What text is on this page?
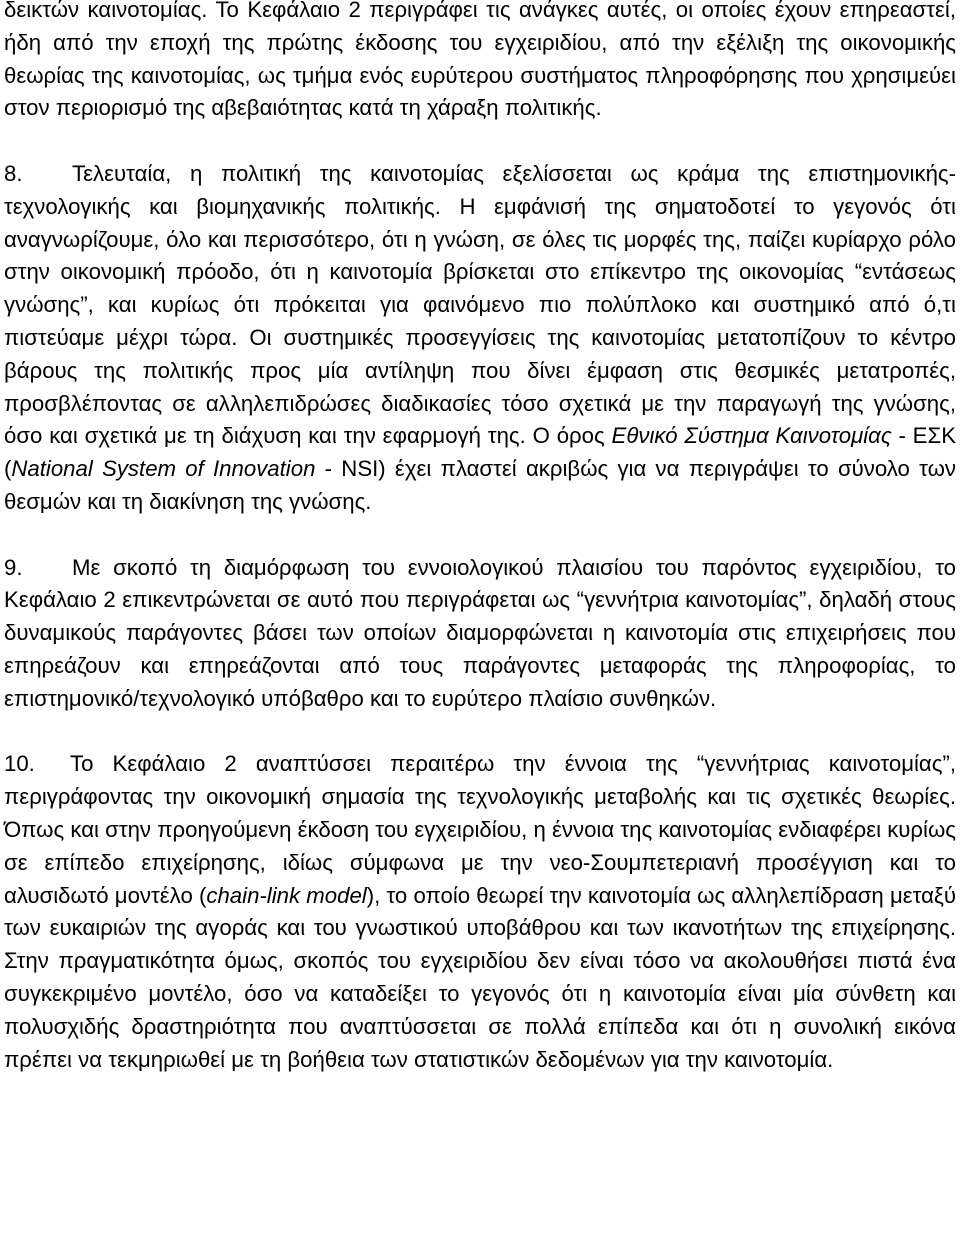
δεικτών καινοτομίας. Το Κεφάλαιο 2 περιγράφει τις ανάγκες αυτές, οι οποίες έχουν επηρεαστεί, ήδη από την εποχή της πρώτης έκδοσης του εγχειριδίου, από την εξέλιξη της οικονομικής θεωρίας της καινοτομίας, ως τμήμα ενός ευρύτερου συστήματος πληροφόρησης που χρησιμεύει στον περιορισμό της αβεβαιότητας κατά τη χάραξη πολιτικής.

8. Τελευταία, η πολιτική της καινοτομίας εξελίσσεται ως κράμα της επιστημονικής-τεχνολογικής και βιομηχανικής πολιτικής. Η εμφάνισή της σηματοδοτεί το γεγονός ότι αναγνωρίζουμε, όλο και περισσότερο, ότι η γνώση, σε όλες τις μορφές της, παίζει κυρίαρχο ρόλο στην οικονομική πρόοδο, ότι η καινοτομία βρίσκεται στο επίκεντρο της οικονομίας “εντάσεως γνώσης”, και κυρίως ότι πρόκειται για φαινόμενο πιο πολύπλοκο και συστημικό από ό,τι πιστεύαμε μέχρι τώρα. Οι συστημικές προσεγγίσεις της καινοτομίας μετατοπίζουν το κέντρο βάρους της πολιτικής προς μία αντίληψη που δίνει έμφαση στις θεσμικές μετατροπές, προσβλέποντας σε αλληλεπιδρώσες διαδικασίες τόσο σχετικά με την παραγωγή της γνώσης, όσο και σχετικά με τη διάχυση και την εφαρμογή της. Ο όρος Εθνικό Σύστημα Καινοτομίας - ΕΣΚ (National System of Innovation - NSI) έχει πλαστεί ακριβώς για να περιγράψει το σύνολο των θεσμών και τη διακίνηση της γνώσης.

9. Με σκοπό τη διαμόρφωση του εννοιολογικού πλαισίου του παρόντος εγχειριδίου, το Κεφάλαιο 2 επικεντρώνεται σε αυτό που περιγράφεται ως “γεννήτρια καινοτομίας”, δηλαδή στους δυναμικούς παράγοντες βάσει των οποίων διαμορφώνεται η καινοτομία στις επιχειρήσεις που επηρεάζουν και επηρεάζονται από τους παράγοντες μεταφοράς της πληροφορίας, το επιστημονικό/τεχνολογικό υπόβαθρο και το ευρύτερο πλαίσιο συνθηκών.

10. Το Κεφάλαιο 2 αναπτύσσει περαιτέρω την έννοια της “γεννήτριας καινοτομίας”, περιγράφοντας την οικονομική σημασία της τεχνολογικής μεταβολής και τις σχετικές θεωρίες. Όπως και στην προηγούμενη έκδοση του εγχειριδίου, η έννοια της καινοτομίας ενδιαφέρει κυρίως σε επίπεδο επιχείρησης, ιδίως σύμφωνα με την νεο-Σουμπετεριανή προσέγγιση και το αλυσιδωτό μοντέλο (chain-link model), το οποίο θεωρεί την καινοτομία ως αλληλεπίδραση μεταξύ των ευκαιριών της αγοράς και του γνωστικού υποβάθρου και των ικανοτήτων της επιχείρησης. Στην πραγματικότητα όμως, σκοπός του εγχειριδίου δεν είναι τόσο να ακολουθήσει πιστά ένα συγκεκριμένο μοντέλο, όσο να καταδείξει το γεγονός ότι η καινοτομία είναι μία σύνθετη και πολυσχιδής δραστηριότητα που αναπτύσσεται σε πολλά επίπεδα και ότι η συνολική εικόνα πρέπει να τεκμηριωθεί με τη βοήθεια των στατιστικών δεδομένων για την καινοτομία.
